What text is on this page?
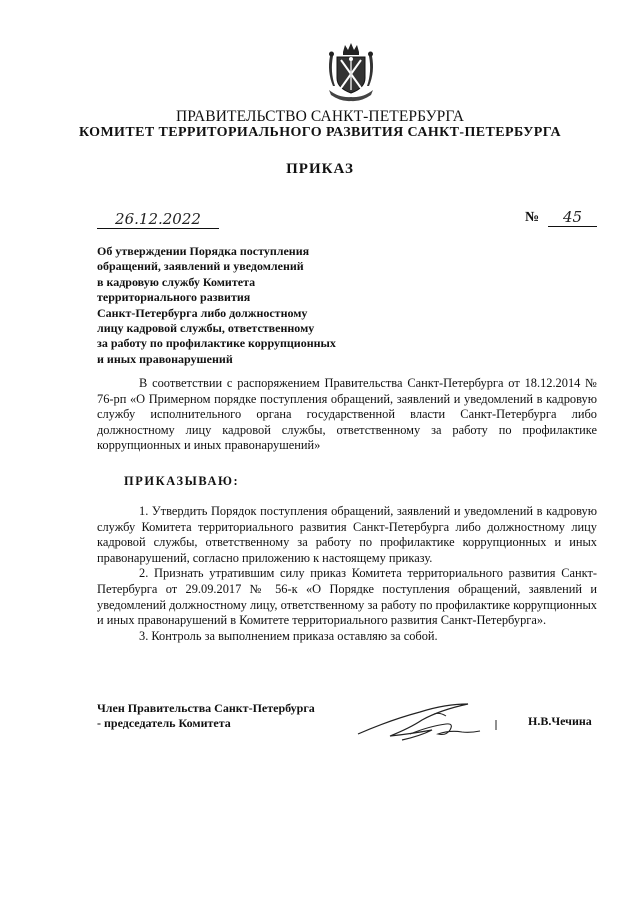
ПРАВИТЕЛЬСТВО САНКТ-ПЕТЕРБУРГА
КОМИТЕТ ТЕРРИТОРИАЛЬНОГО РАЗВИТИЯ САНКТ-ПЕТЕРБУРГА
ПРИКАЗ
26.12.2022	№	45
Об утверждении Порядка поступления
обращений, заявлений и уведомлений
в кадровую службу Комитета
территориального развития
Санкт-Петербурга либо должностному
лицу кадровой службы, ответственному
за работу по профилактике коррупционных
и иных правонарушений

В соответствии с распоряжением Правительства Санкт-Петербурга от 18.12.2014 № 76-рп «О Примерном порядке поступления обращений, заявлений и уведомлений в кадровую службу исполнительного органа государственной власти Санкт-Петербурга либо должностному лицу кадровой службы, ответственному за работу по профилактике коррупционных и иных правонарушений»

ПРИКАЗЫВАЮ:

1. Утвердить Порядок поступления обращений, заявлений и уведомлений в кадровую службу Комитета территориального развития Санкт-Петербурга либо должностному лицу кадровой службы, ответственному за работу по профилактике коррупционных и иных правонарушений, согласно приложению к настоящему приказу.

2. Признать утратившим силу приказ Комитета территориального развития Санкт-Петербурга от 29.09.2017 № 56-к «О Порядке поступления обращений, заявлений и уведомлений должностному лицу, ответственному за работу по профилактике коррупционных и иных правонарушений в Комитете территориального развития Санкт-Петербурга».

3. Контроль за выполнением приказа оставляю за собой.

Член Правительства Санкт-Петербурга
- председатель Комитета	Н.В.Чечина
